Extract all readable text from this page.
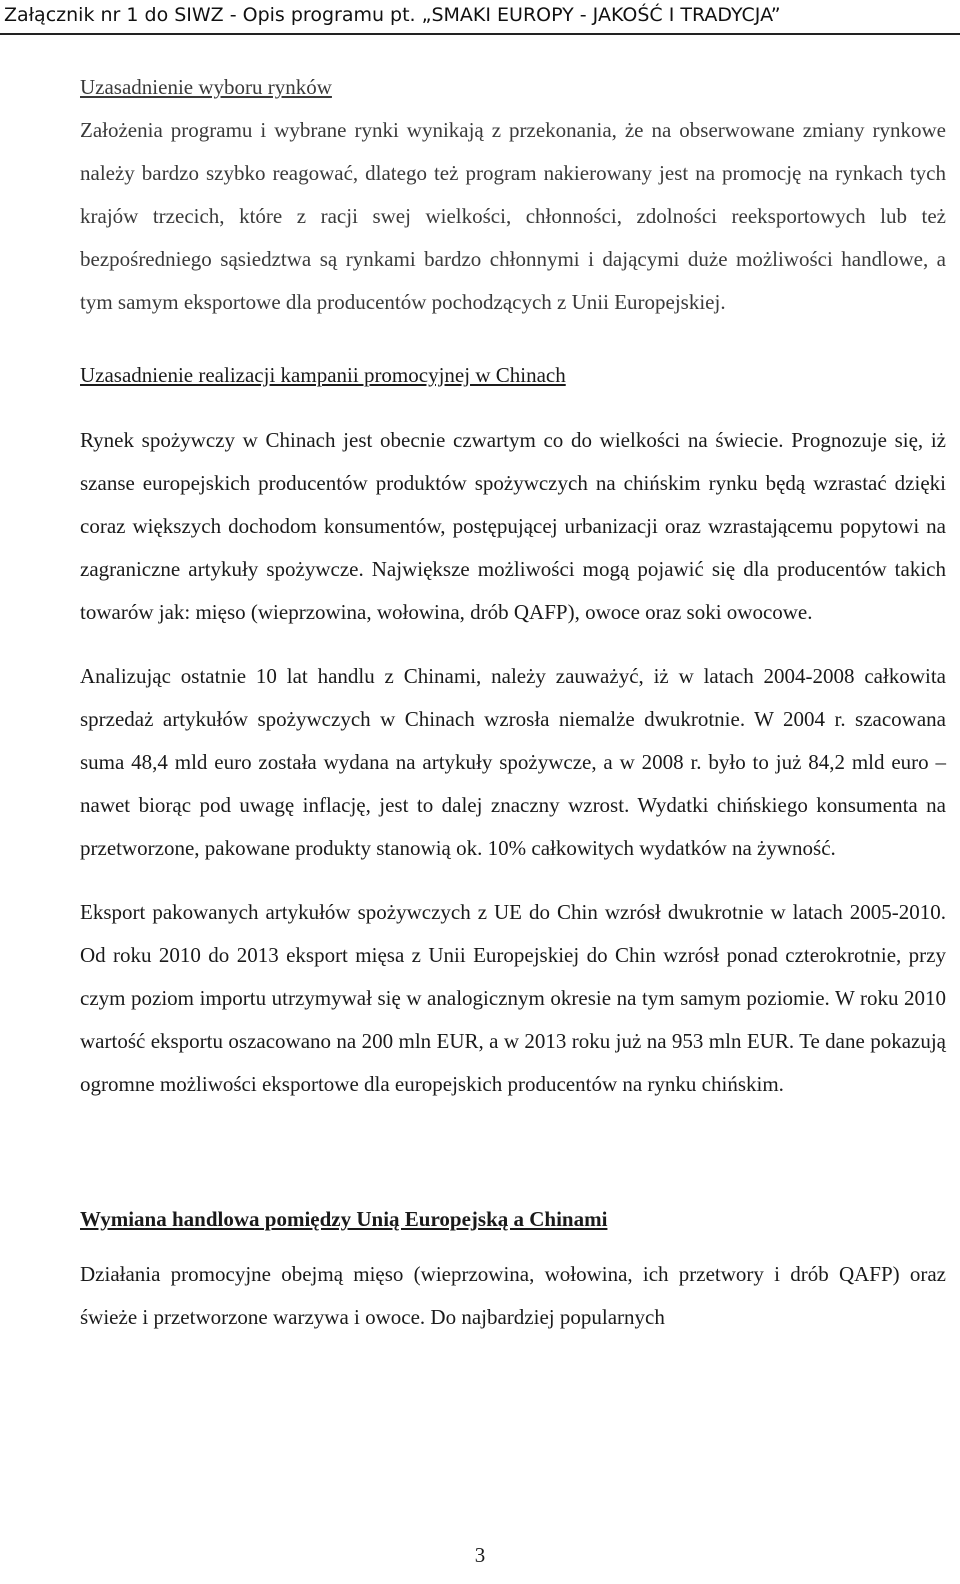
Załącznik nr 1 do SIWZ - Opis programu pt. „SMAKI EUROPY - JAKOŚĆ I TRADYCJA”

Uzasadnienie wyboru rynków

Założenia programu i wybrane rynki wynikają z przekonania, że na obserwowane zmiany rynkowe należy bardzo szybko reagować, dlatego też program nakierowany jest na promocję na rynkach tych krajów trzecich, które z racji swej wielkości, chłonności, zdolności reeksportowych lub też bezpośredniego sąsiedztwa są rynkami bardzo chłonnymi i dającymi duże możliwości handlowe, a tym samym eksportowe dla producentów pochodzących z Unii Europejskiej.

Uzasadnienie realizacji kampanii promocyjnej w Chinach

Rynek spożywczy w Chinach jest obecnie czwartym co do wielkości na świecie. Prognozuje się, iż szanse europejskich producentów produktów spożywczych na chińskim rynku będą wzrastać dzięki coraz większych dochodom konsumentów, postępującej urbanizacji oraz wzrastającemu popytowi na zagraniczne artykuły spożywcze. Największe możliwości mogą pojawić się dla producentów takich towarów jak: mięso (wieprzowina, wołowina, drób QAFP), owoce oraz soki owocowe.

Analizując ostatnie 10 lat handlu z Chinami, należy zauważyć, iż w latach 2004-2008 całkowita sprzedaż artykułów spożywczych w Chinach wzrosła niemalże dwukrotnie. W 2004 r. szacowana suma 48,4 mld euro została wydana na artykuły spożywcze, a w 2008 r. było to już 84,2 mld euro – nawet biorąc pod uwagę inflację, jest to dalej znaczny wzrost. Wydatki chińskiego konsumenta na przetworzone, pakowane produkty stanowią ok. 10% całkowitych wydatków na żywność.

Eksport pakowanych artykułów spożywczych z UE do Chin wzrósł dwukrotnie w latach 2005-2010. Od roku 2010 do 2013 eksport mięsa z Unii Europejskiej do Chin wzrósł ponad czterokrotnie, przy czym poziom importu utrzymywał się w analogicznym okresie na tym samym poziomie. W roku 2010 wartość eksportu oszacowano na 200 mln EUR, a w 2013 roku już na 953 mln EUR. Te dane pokazują ogromne możliwości eksportowe dla europejskich producentów na rynku chińskim.

Wymiana handlowa pomiędzy Unią Europejską a Chinami

Działania promocyjne obejmą mięso (wieprzowina, wołowina, ich przetwory i drób QAFP) oraz świeże i przetworzone warzywa i owoce. Do najbardziej popularnych

3
